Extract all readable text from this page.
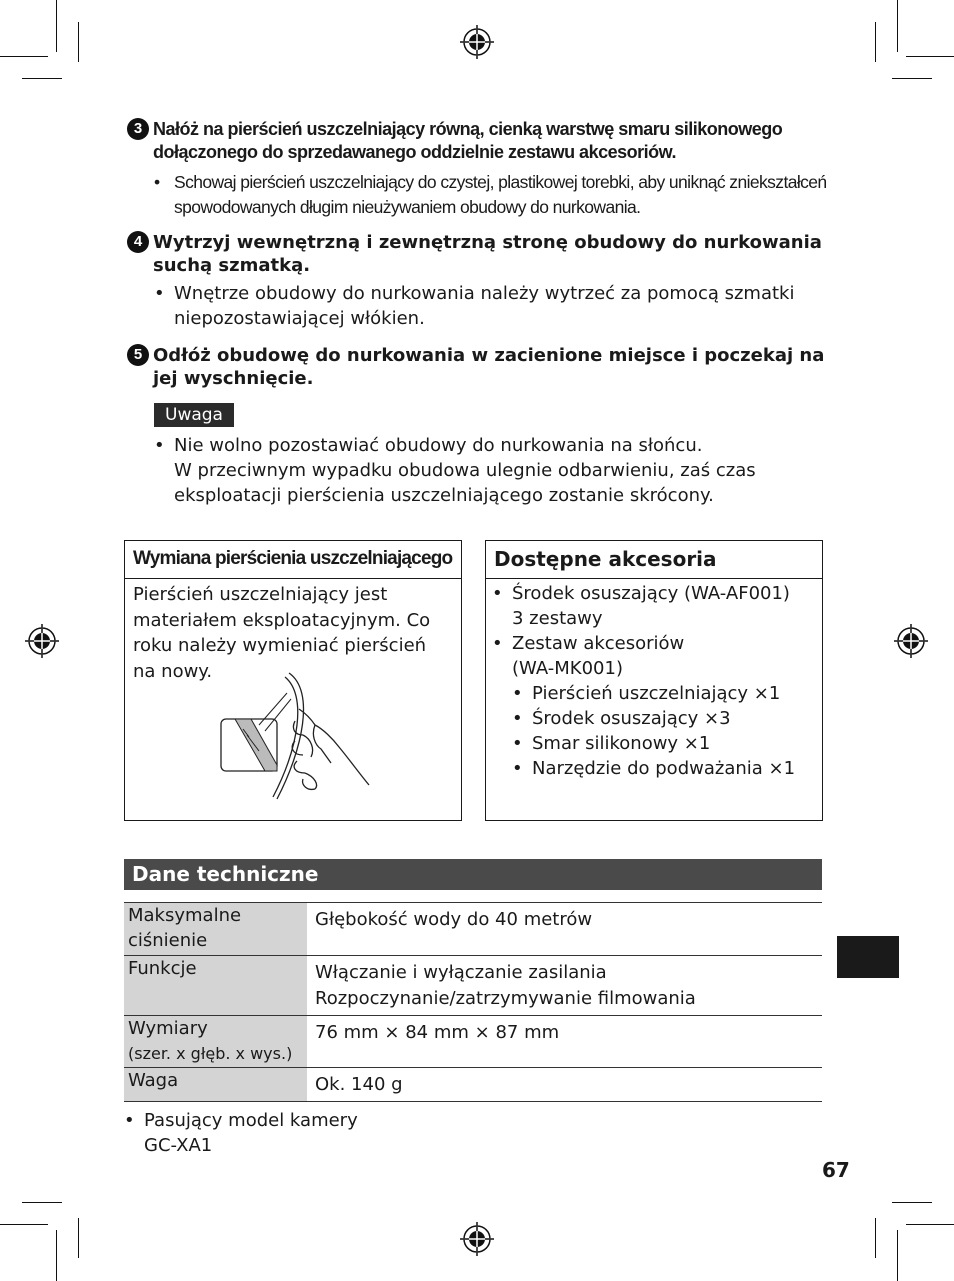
3 Nałóż na pierścień uszczelniający równą, cienką warstwę smaru silikonowego dołączonego do sprzedawanego oddzielnie zestawu akcesoriów.
• Schowaj pierścień uszczelniający do czystej, plastikowej torebki, aby uniknąć zniekształceń spowodowanych długim nieużywaniem obudowy do nurkowania.
4 Wytrzyj wewnętrzną i zewnętrzną stronę obudowy do nurkowania suchą szmatką.
• Wnętrze obudowy do nurkowania należy wytrzeć za pomocą szmatki niepozostawiającej włókien.
5 Odłóż obudowę do nurkowania w zacienione miejsce i poczekaj na jej wyschnięcie.
Uwaga
• Nie wolno pozostawiać obudowy do nurkowania na słońcu.
W przeciwnym wypadku obudowa ulegnie odbarwieniu, zaś czas eksploatacji pierścienia uszczelniającego zostanie skrócony.
Wymiana pierścienia uszczelniającego
Pierścień uszczelniający jest materiałem eksploatacyjnym. Co roku należy wymieniać pierścień na nowy.
Dostępne akcesoria
• Środek osuszający (WA-AF001)
3 zestawy
• Zestaw akcesoriów
(WA-MK001)
• Pierścień uszczelniający ×1
• Środek osuszający ×3
• Smar silikonowy ×1
• Narzędzie do podważania ×1
Dane techniczne
Maksymalne ciśnienie	Głębokość wody do 40 metrów
Funkcje	Włączanie i wyłączanie zasilania
Rozpoczynanie/zatrzymywanie filmowania

Wymiary
(szer. x głęb. x wys.)	76 mm × 84 mm × 87 mm
Waga	Ok. 140 g
• Pasujący model kamery
GC-XA1
67
